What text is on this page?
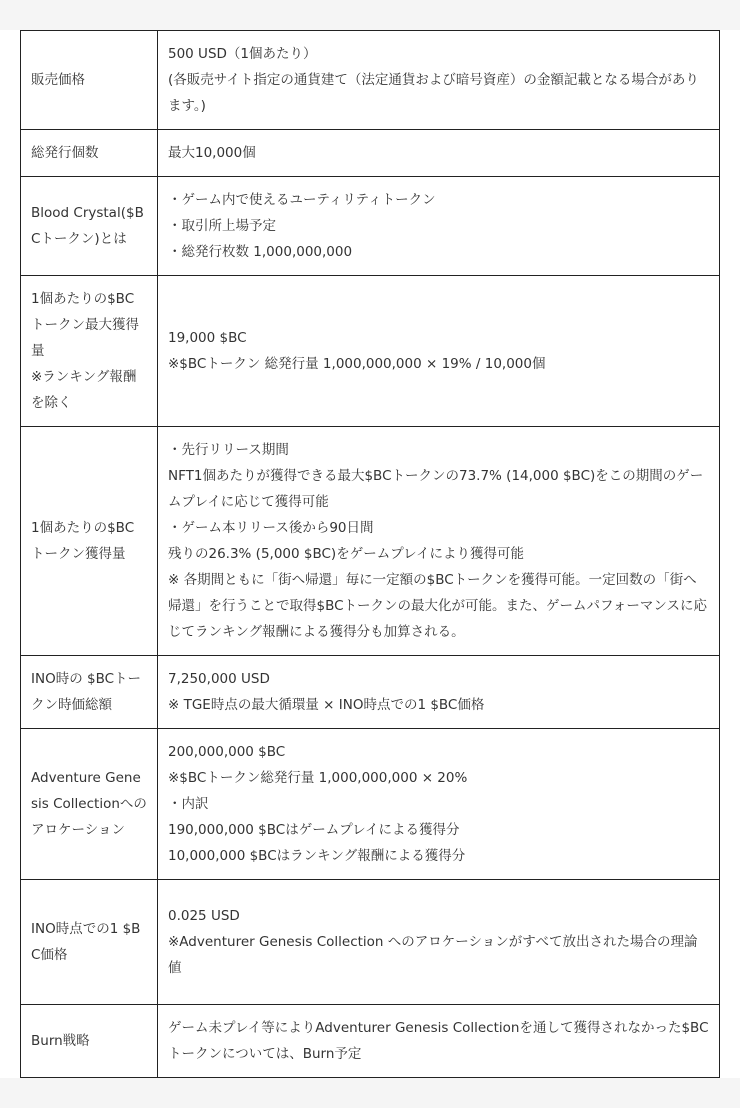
販売価格	500 USD（1個あたり）
(各販売サイト指定の通貨建て（法定通貨および暗号資産）の金額記載となる場合があります。)

総発行個数	最大10,000個

Blood Crystal($BCトークン)とは	・ゲーム内で使えるユーティリティトークン
・取引所上場予定
・総発行枚数 1,000,000,000

1個あたりの$BCトークン最大獲得量
※ランキング報酬を除く	19,000 $BC
※$BCトークン 総発行量 1,000,000,000 × 19% / 10,000個

1個あたりの$BCトークン獲得量	・先行リリース期間
NFT1個あたりが獲得できる最大$BCトークンの73.7% (14,000 $BC)をこの期間のゲームプレイに応じて獲得可能
・ゲーム本リリース後から90日間
残りの26.3% (5,000 $BC)をゲームプレイにより獲得可能
※ 各期間ともに「街へ帰還」毎に一定額の$BCトークンを獲得可能。一定回数の「街へ帰還」を行うことで取得$BCトークンの最大化が可能。また、ゲームパフォーマンスに応じてランキング報酬による獲得分も加算される。

INO時の $BCトークン時価総額	7,250,000 USD
※ TGE時点の最大循環量 × INO時点での1 $BC価格

Adventure Genesis Collectionへのアロケーション	200,000,000 $BC
※$BCトークン総発行量 1,000,000,000 × 20%
・内訳
190,000,000 $BCはゲームプレイによる獲得分
10,000,000 $BCはランキング報酬による獲得分

INO時点での1 $BC価格	0.025 USD
※Adventurer Genesis Collection へのアロケーションがすべて放出された場合の理論値

Burn戦略	ゲーム未プレイ等によりAdventurer Genesis Collectionを通して獲得されなかった$BCトークンについては、Burn予定
